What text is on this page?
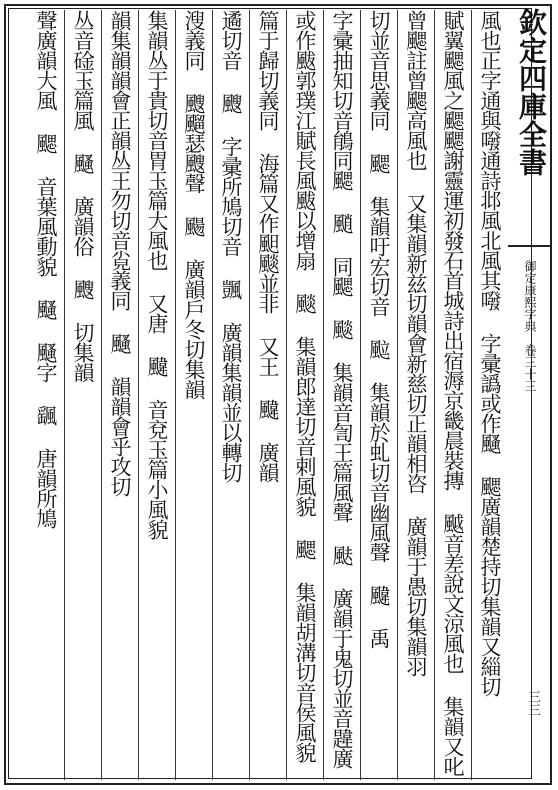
欽定四庫全書
御定康熙字典　卷三十三
三三
風也正字通與㗶通詩邶風北風其㗶 字彚譌或作颾 颸廣韻楚持切集韻又緇切
賦翼颸風之颸颸謝靈運初發石首城詩出宿溽京畿晨裝摶 䬂音差說文涼風也 集韻又叱
曾颸註曾颸高風也 又集韻新兹切韻會新慈切正韻相咨 廣韻于愚切集韻羽
切並音思義同 颸 集韻吁宏切音 䬃 集韻於虬切音幽風聲 颹 禹
字彚抽知切音䳌同颸 颵 同颸 颷 集韻音訇王篇風聲 颫 廣韻于鬼切並音韙廣
或作颰郭璞江賦長風颰以增扇 颷 集韻郎達切音剌風貌 颸 集韻胡溝切音侯風貌
篇于歸切義同 海篇又作䫻颷並非 又王 颹 廣韻
遹切音 颼 字彚所鳩切音 颽 廣韻集韻並以轉切
溲義同 颼飀瑟颼聲 颺 廣韻戶冬切集韻
集韻丛于貴切音胃玉篇大風也 又唐 颹 音兗玉篇小風貌
韻集韻韻會正韻丛王勿切音㝸義同 颾 韻韻會乎攻切
丛音碒玉篇風 颾 廣韻俗 颼 切集韻
聲廣韻大風 颸 音葉風動貌 颾 颾字 颻 唐韻所鳩
